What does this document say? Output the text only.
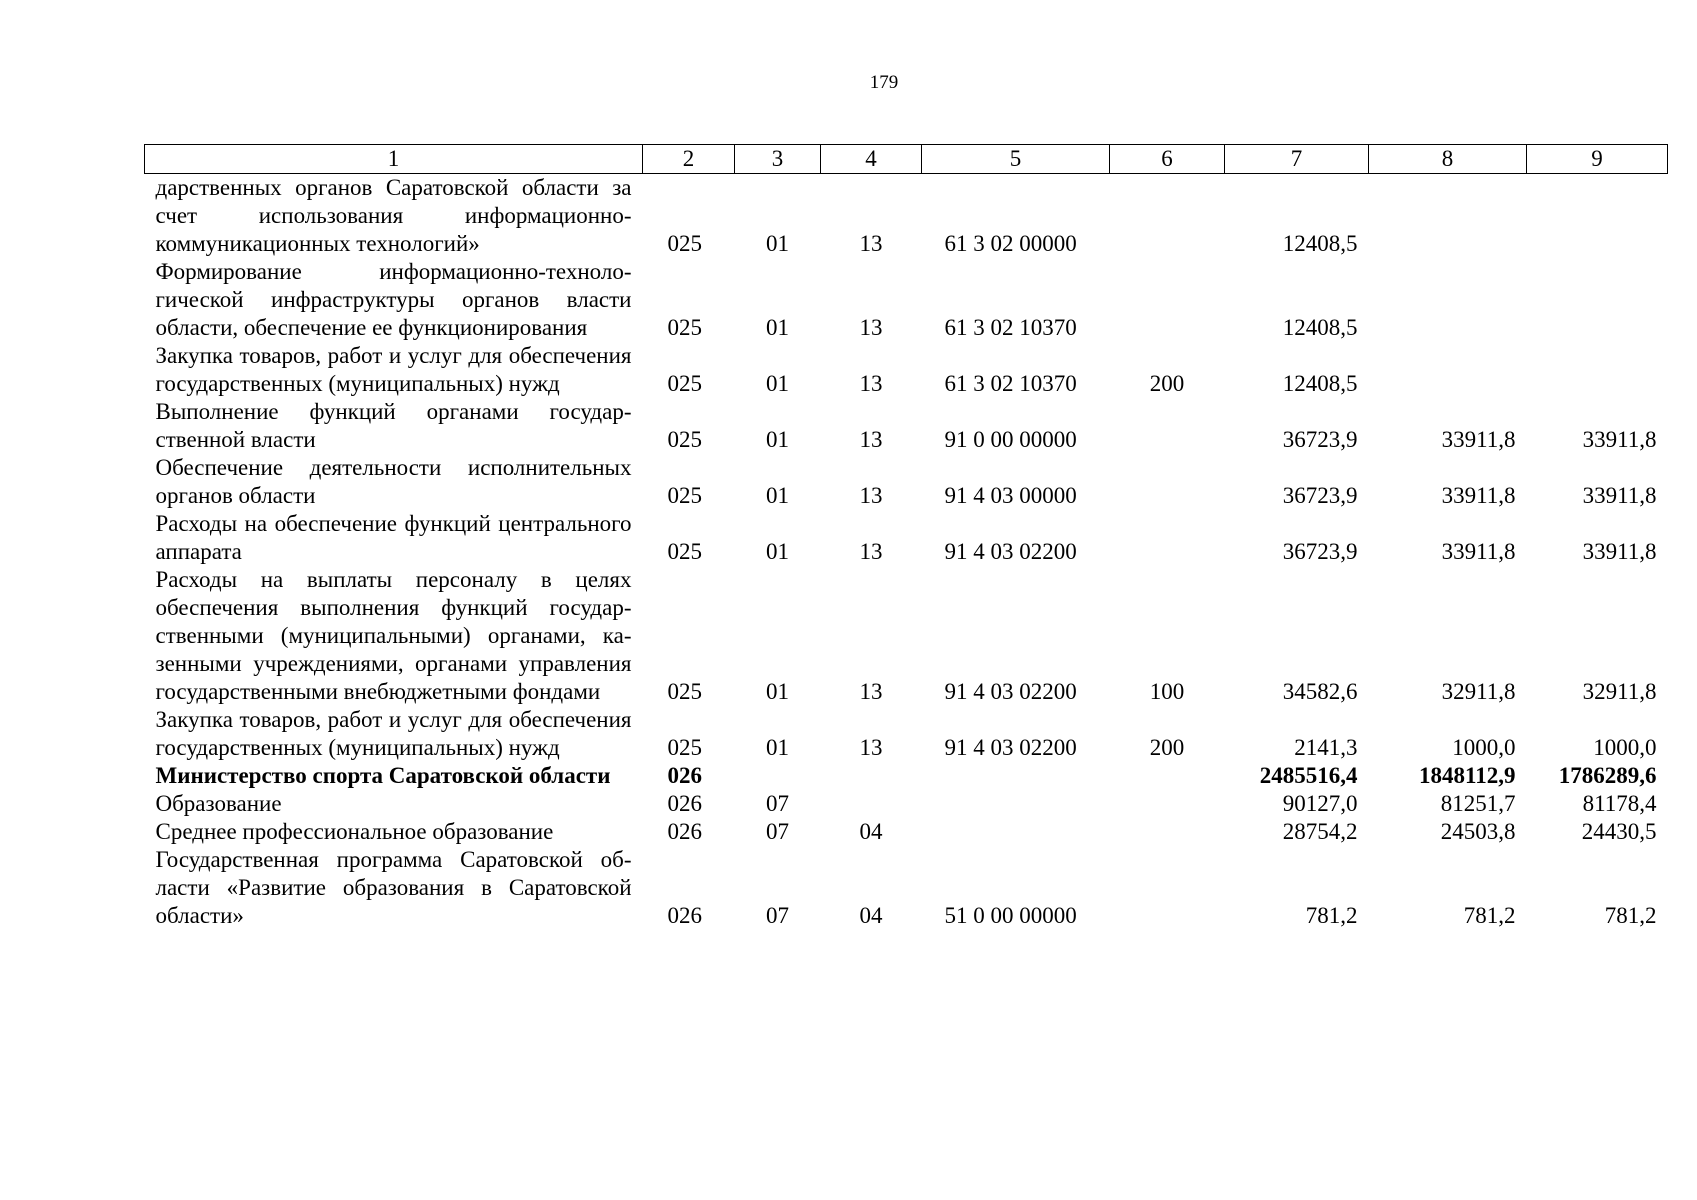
179
1	2	3	4	5	6	7	8	9
дарственных органов Саратовской области за счет использования информационно-коммуникационных технологий»	025	01	13	61 3 02 00000		12408,5		
Формирование информационно-технологической инфраструктуры органов власти области, обеспечение ее функционирования	025	01	13	61 3 02 10370		12408,5		
Закупка товаров, работ и услуг для обеспечения государственных (муниципальных) нужд	025	01	13	61 3 02 10370	200	12408,5		
Выполнение функций органами государственной власти	025	01	13	91 0 00 00000		36723,9	33911,8	33911,8
Обеспечение деятельности исполнительных органов области	025	01	13	91 4 03 00000		36723,9	33911,8	33911,8
Расходы на обеспечение функций центрального аппарата	025	01	13	91 4 03 02200		36723,9	33911,8	33911,8
Расходы на выплаты персоналу в целях обеспечения выполнения функций государственными (муниципальными) органами, казенными учреждениями, органами управления государственными внебюджетными фондами	025	01	13	91 4 03 02200	100	34582,6	32911,8	32911,8
Закупка товаров, работ и услуг для обеспечения государственных (муниципальных) нужд	025	01	13	91 4 03 02200	200	2141,3	1000,0	1000,0
Министерство спорта Саратовской области	026					2485516,4	1848112,9	1786289,6
Образование	026	07				90127,0	81251,7	81178,4
Среднее профессиональное образование	026	07	04			28754,2	24503,8	24430,5
Государственная программа Саратовской области «Развитие образования в Саратовской области»	026	07	04	51 0 00 00000		781,2	781,2	781,2
